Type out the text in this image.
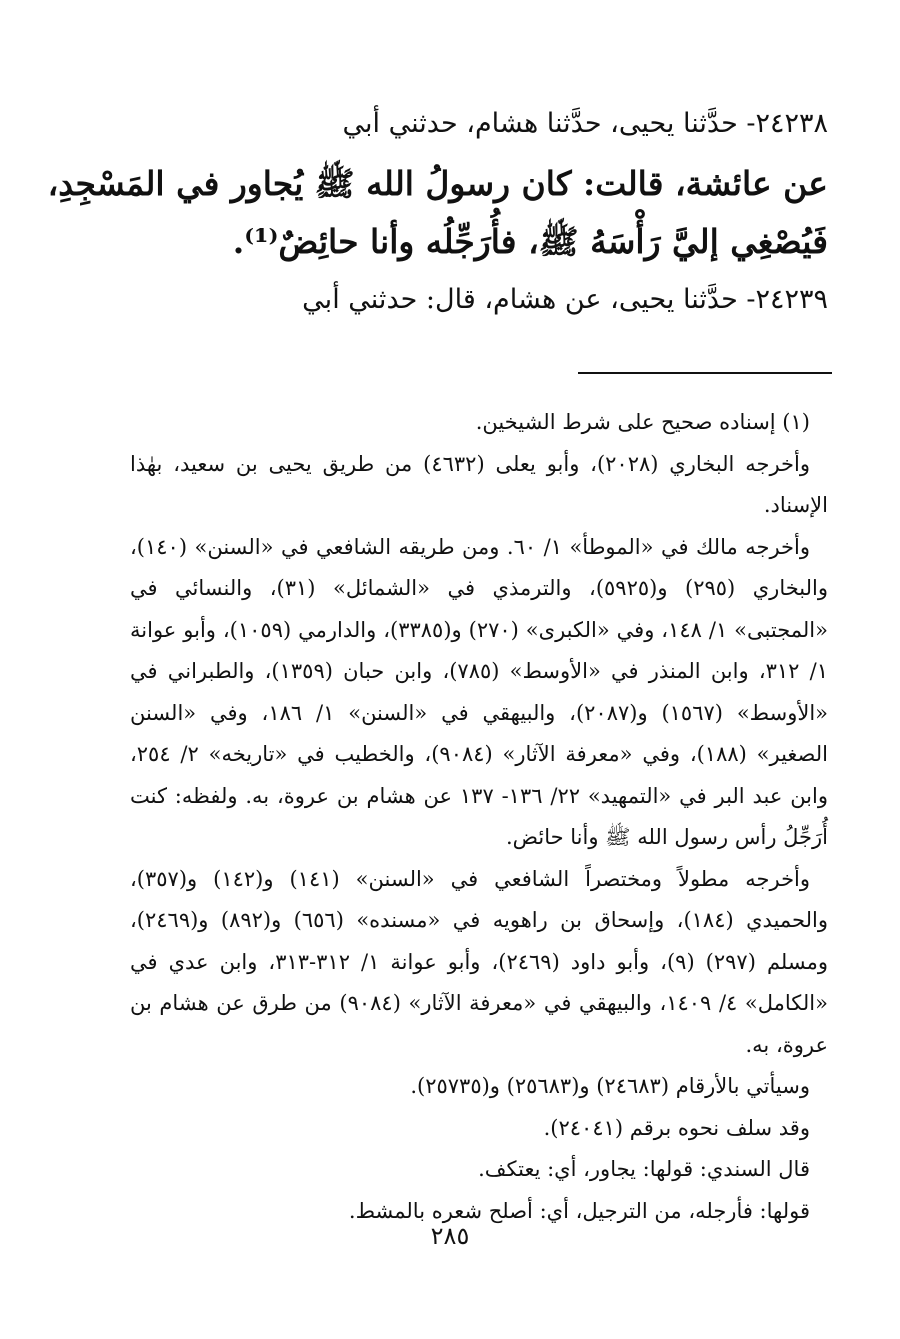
٢٤٢٣٨- حدَّثنا يحيى، حدَّثنا هشام، حدثني أبي
عن عائشة، قالت: كان رسولُ الله ﷺ يُجاور في المَسْجِدِ،
فَيُصْغِي إليَّ رَأْسَهُ ﷺ، فأُرَجِّلُه وأنا حائِضٌ⁽¹⁾.
٢٤٢٣٩- حدَّثنا يحيى، عن هشام، قال: حدثني أبي

(١) إسناده صحيح على شرط الشيخين.

وأخرجه البخاري (٢٠٢٨)، وأبو يعلى (٤٦٣٢) من طريق يحيى بن سعيد، بهٰذا الإسناد.

وأخرجه مالك في «الموطأ» ١/ ٦٠. ومن طريقه الشافعي في «السنن» (١٤٠)، والبخاري (٢٩٥) و(٥٩٢٥)، والترمذي في «الشمائل» (٣١)، والنسائي في «المجتبى» ١/ ١٤٨، وفي «الكبرى» (٢٧٠) و(٣٣٨٥)، والدارمي (١٠٥٩)، وأبو عوانة ١/ ٣١٢، وابن المنذر في «الأوسط» (٧٨٥)، وابن حبان (١٣٥٩)، والطبراني في «الأوسط» (١٥٦٧) و(٢٠٨٧)، والبيهقي في «السنن» ١/ ١٨٦، وفي «السنن الصغير» (١٨٨)، وفي «معرفة الآثار» (٩٠٨٤)، والخطيب في «تاريخه» ٢/ ٢٥٤، وابن عبد البر في «التمهيد» ٢٢/ ١٣٦- ١٣٧ عن هشام بن عروة، به. ولفظه: كنت أُرَجِّلُ رأس رسول الله ﷺ وأنا حائض.

وأخرجه مطولاً ومختصراً الشافعي في «السنن» (١٤١) و(١٤٢) و(٣٥٧)، والحميدي (١٨٤)، وإسحاق بن راهويه في «مسنده» (٦٥٦) و(٨٩٢) و(٢٤٦٩)، ومسلم (٢٩٧) (٩)، وأبو داود (٢٤٦٩)، وأبو عوانة ١/ ٣١٢-٣١٣، وابن عدي في «الكامل» ٤/ ١٤٠٩، والبيهقي في «معرفة الآثار» (٩٠٨٤) من طرق عن هشام بن عروة، به.

وسيأتي بالأرقام (٢٤٦٨٣) و(٢٥٦٨٣) و(٢٥٧٣٥).

وقد سلف نحوه برقم (٢٤٠٤١).

قال السندي: قولها: يجاور، أي: يعتكف.

قولها: فأرجله، من الترجيل، أي: أصلح شعره بالمشط.

٢٨٥
